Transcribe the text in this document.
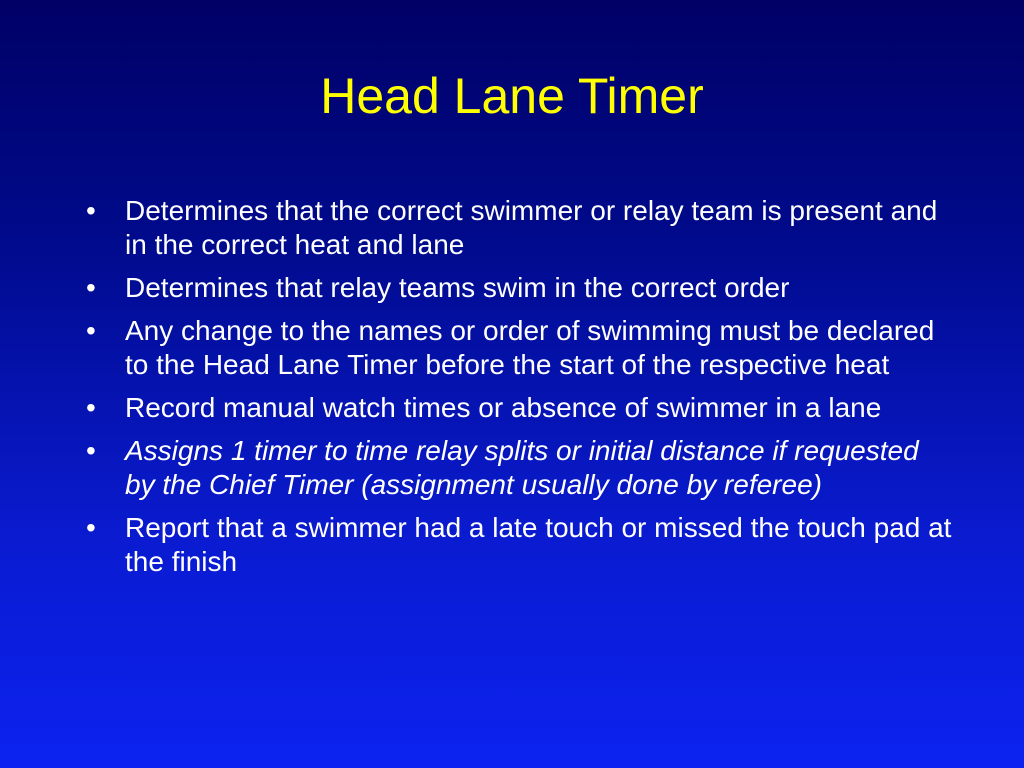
Head Lane Timer
•	Determines that the correct swimmer or relay team is present and in the correct heat and lane
•	Determines that relay teams swim in the correct order
•	Any change to the names or order of swimming must be declared to the Head Lane Timer before the start of the respective heat
•	Record manual watch times or absence of swimmer in a lane
•	Assigns 1 timer to time relay splits or initial distance if requested by the Chief Timer (assignment usually done by referee)
•	Report that a swimmer had a late touch or missed the touch pad at the finish
